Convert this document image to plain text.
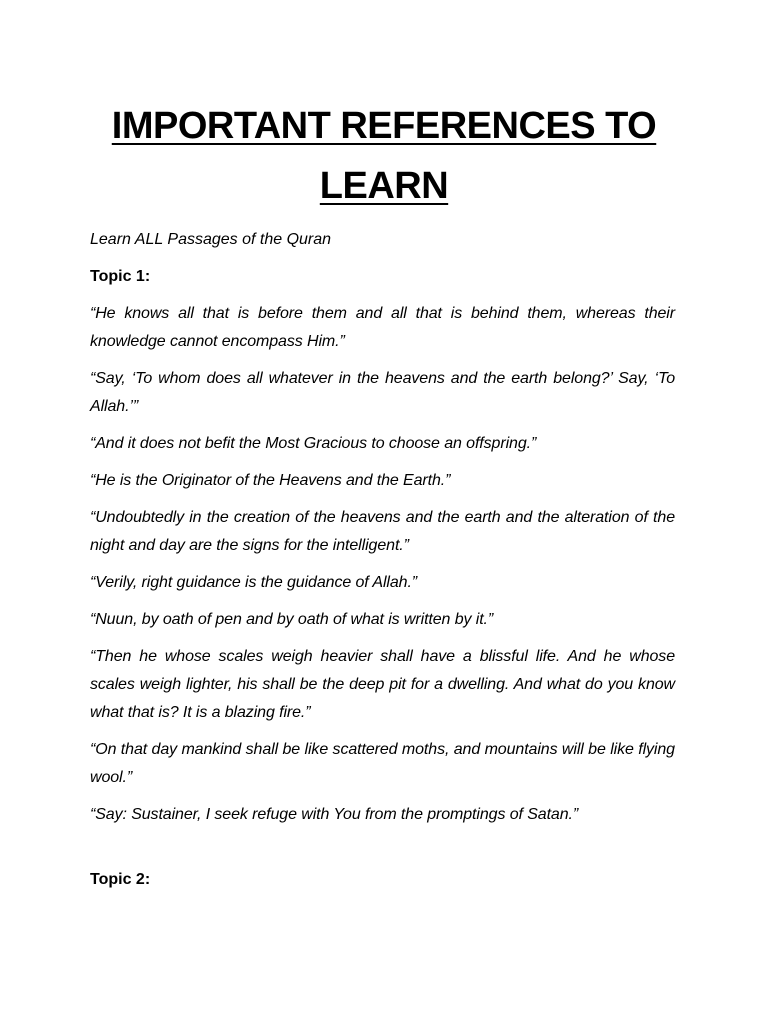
IMPORTANT REFERENCES TO LEARN

Learn ALL Passages of the Quran

Topic 1:

“He knows all that is before them and all that is behind them, whereas their knowledge cannot encompass Him.”
“Say, ‘To whom does all whatever in the heavens and the earth belong?’ Say, ‘To Allah.’”
“And it does not befit the Most Gracious to choose an offspring.”
“He is the Originator of the Heavens and the Earth.”
“Undoubtedly in the creation of the heavens and the earth and the alteration of the night and day are the signs for the intelligent.”
“Verily, right guidance is the guidance of Allah.”
“Nuun, by oath of pen and by oath of what is written by it.”
“Then he whose scales weigh heavier shall have a blissful life. And he whose scales weigh lighter, his shall be the deep pit for a dwelling. And what do you know what that is? It is a blazing fire.”
“On that day mankind shall be like scattered moths, and mountains will be like flying wool.”
“Say: Sustainer, I seek refuge with You from the promptings of Satan.”

Topic 2:
